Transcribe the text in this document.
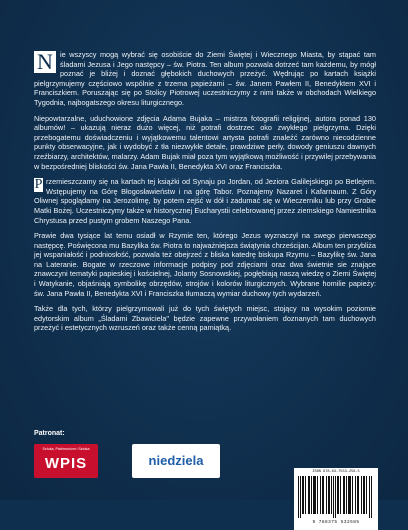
N ie wszyscy mogą wybrać się osobiście do Ziemi Świętej i Wiecznego Miasta, by stąpać tam śladami Jezusa i Jego następcy – św. Piotra. Ten album pozwala dotrzeć tam każdemu, by mógł poznać je bliżej i doznać głębokich duchowych przeżyć. Wędrując po kartach książki pielgrzymujemy częściowo wspólnie z trzema papieżami – św. Janem Pawłem II, Benedyktem XVI i Franciszkiem. Poruszając się po Stolicy Piotrowej uczestniczymy z nimi także w obchodach Wielkiego Tygodnia, najbogatszego okresu liturgicznego.

Niepowtarzalne, uduchowione zdjęcia Adama Bujaka – mistrza fotografii religijnej, autora ponad 130 albumów! – ukazują nieraz dużo więcej, niż potrafi dostrzec oko zwykłego pielgrzyma. Dzięki przebogatemu doświadczeniu i wyjątkowemu talentowi artysta potrafi znaleźć zarówno niecodzienne punkty obserwacyjne, jak i wydobyć z tła niezwykłe detale, prawdziwe perły, dowody geniuszu dawnych rzeźbiarzy, architektów, malarzy. Adam Bujak miał poza tym wyjątkową możliwość i przywilej przebywania w bezpośredniej bliskości św. Jana Pawła II, Benedykta XVI oraz Franciszka.

P rzemieszczamy się na kartach tej książki od Synaju po Jordan, od Jeziora Galilejskiego po Betlejem. Wstępujemy na Górę Błogosławieństw i na górę Tabor. Poznajemy Nazaret i Kafarnaum. Z Góry Oliwnej spoglądamy na Jerozolimę, by potem zejść w dół i zadumać się w Wieczerniku lub przy Grobie Matki Bożej. Uczestniczymy także w historycznej Eucharystii celebrowanej przez ziemskiego Namiestnika Chrystusa przed pustym grobem Naszego Pana.

Prawie dwa tysiące lat temu osiadł w Rzymie ten, którego Jezus wyznaczył na swego pierwszego następcę. Poświęcona mu Bazylika św. Piotra to najważniejsza świątynia chrześcijan. Album ten przybliża jej wspaniałość i podniosłość, pozwala też obejrzeć z bliska katedrę biskupa Rzymu – Bazylikę św. Jana na Lateranie. Bogate w rzeczowe informacje podpisy pod zdjęciami oraz dwa świetnie sie znające znawczyni tematyki papieskiej i kościelnej, Jolanty Sosnowskiej, pogłębiają naszą wiedzę o Ziemi Świętej i Watykanie, objaśniają symbolikę obrzędów, strojów i kolorów liturgicznych. Wybrane homilie papieży: św. Jana Pawła II, Benedykta XVI i Franciszka tłumaczą wymiar duchowy tych wydarzeń.

Także dla tych, którzy pielgrzymowali już do tych świętych miejsc, stojący na wysokim poziomie edytorskim album „Śladami Zbawiciela" będzie zapewne przywołaniem doznanych tam duchowych przeżyć i estetycznych wzruszeń oraz także cenną pamiątką.

Patronat:
Sztuka, Patrimonium i Sztuka
WPIS	niedziela
ISBN 978-83-7553-258-5
9 788375 532585
